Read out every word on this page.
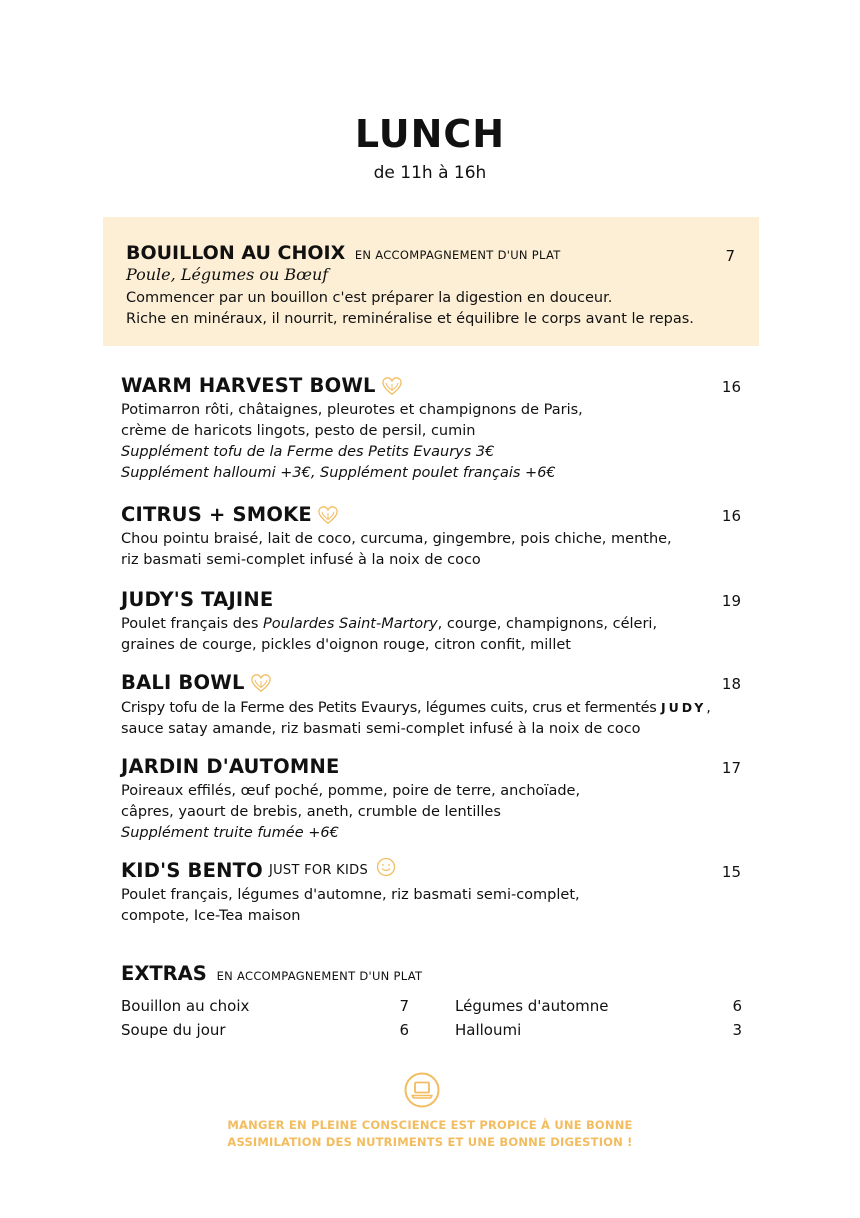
LUNCH
de 11h à 16h
BOUILLON AU CHOIX EN ACCOMPAGNEMENT D'UN PLAT	7
Poule, Légumes ou Bœuf
Commencer par un bouillon c'est préparer la digestion en douceur.
Riche en minéraux, il nourrit, reminéralise et équilibre le corps avant le repas.
WARM HARVEST BOWL	16
Potimarron rôti, châtaignes, pleurotes et champignons de Paris,
crème de haricots lingots, pesto de persil, cumin
Supplément tofu de la Ferme des Petits Evaurys 3€
Supplément halloumi +3€, Supplément poulet français +6€
CITRUS + SMOKE	16
Chou pointu braisé, lait de coco, curcuma, gingembre, pois chiche, menthe,
riz basmati semi-complet infusé à la noix de coco
JUDY'S TAJINE	19
Poulet français des Poulardes Saint-Martory, courge, champignons, céleri,
graines de courge, pickles d'oignon rouge, citron confit, millet
BALI BOWL	18
Crispy tofu de la Ferme des Petits Evaurys, légumes cuits, crus et fermentés JUDY,
sauce satay amande, riz basmati semi-complet infusé à la noix de coco
JARDIN D'AUTOMNE	17
Poireaux effilés, œuf poché, pomme, poire de terre, anchoïade,
câpres, yaourt de brebis, aneth, crumble de lentilles
Supplément truite fumée +6€
KID'S BENTO JUST FOR KIDS	15
Poulet français, légumes d'automne, riz basmati semi-complet,
compote, Ice-Tea maison
EXTRAS EN ACCOMPAGNEMENT D'UN PLAT
Bouillon au choix	7
Soupe du jour	6
Légumes d'automne	6
Halloumi	3
MANGER EN PLEINE CONSCIENCE EST PROPICE À UNE BONNE
ASSIMILATION DES NUTRIMENTS ET UNE BONNE DIGESTION !
